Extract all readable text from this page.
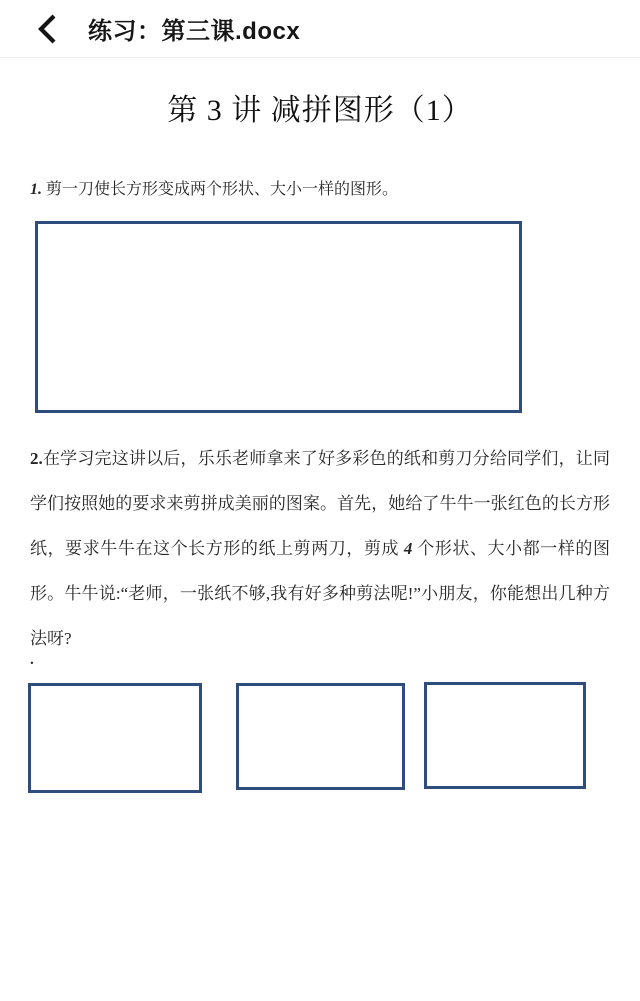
练习：第三课.docx
第 3 讲 减拼图形（1）

1. 剪一刀使长方形变成两个形状、大小一样的图形。

2.在学习完这讲以后，乐乐老师拿来了好多彩色的纸和剪刀分给同学们，让同学们按照她的要求来剪拼成美丽的图案。首先，她给了牛牛一张红色的长方形纸，要求牛牛在这个长方形的纸上剪两刀，剪成 4 个形状、大小都一样的图形。牛牛说:“老师，一张纸不够,我有好多种剪法呢!”小朋友，你能想出几种方法呀?

.
